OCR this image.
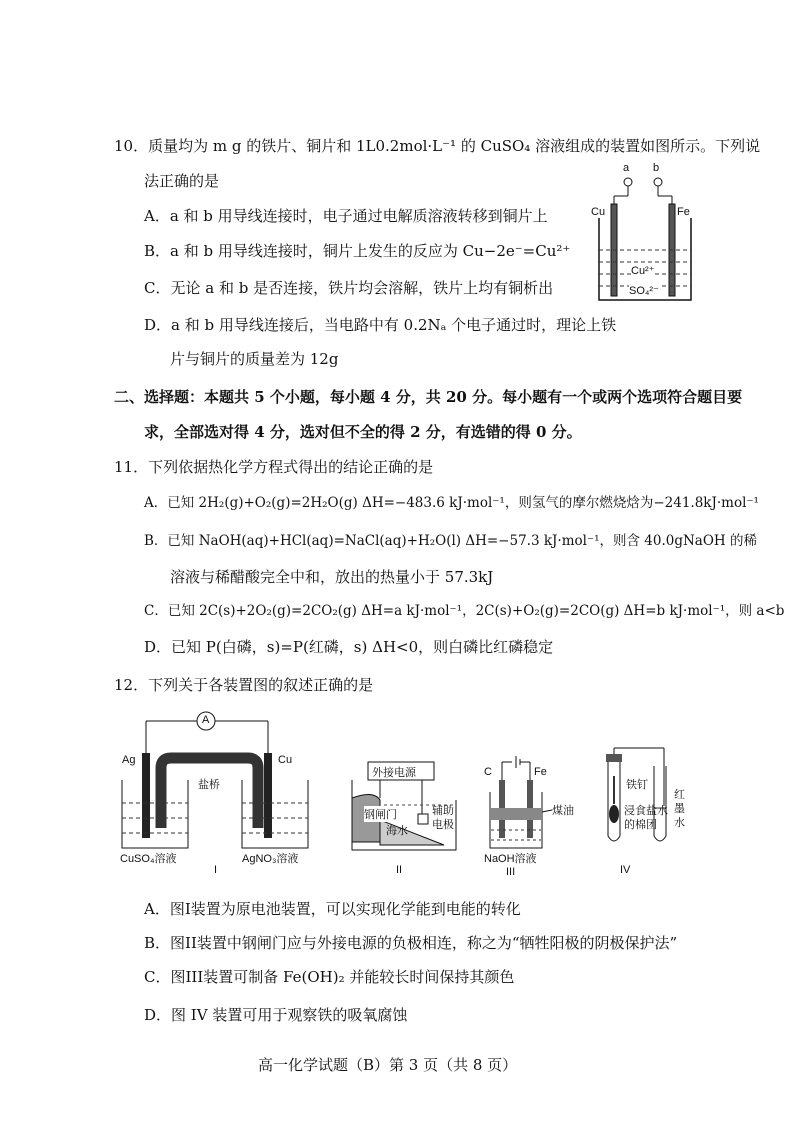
10．质量均为 m g 的铁片、铜片和 1L0.2mol·L⁻¹ 的 CuSO₄ 溶液组成的装置如图所示。下列说
法正确的是
A．a 和 b 用导线连接时，电子通过电解质溶液转移到铜片上
B．a 和 b 用导线连接时，铜片上发生的反应为 Cu−2e⁻=Cu²⁺
C．无论 a 和 b 是否连接，铁片均会溶解，铁片上均有铜析出
D．a 和 b 用导线连接后，当电路中有 0.2Nₐ 个电子通过时，理论上铁
片与铜片的质量差为 12g
a b
Cu	Fe
Cu²⁺
SO₄²⁻
二、选择题：本题共 5 个小题，每小题 4 分，共 20 分。每小题有一个或两个选项符合题目要
求，全部选对得 4 分，选对但不全的得 2 分，有选错的得 0 分。
11．下列依据热化学方程式得出的结论正确的是
A．已知 2H₂(g)+O₂(g)=2H₂O(g) ΔH=−483.6 kJ·mol⁻¹，则氢气的摩尔燃烧焓为−241.8kJ·mol⁻¹
B．已知 NaOH(aq)+HCl(aq)=NaCl(aq)+H₂O(l) ΔH=−57.3 kJ·mol⁻¹，则含 40.0gNaOH 的稀
溶液与稀醋酸完全中和，放出的热量小于 57.3kJ
C．已知 2C(s)+2O₂(g)=2CO₂(g) ΔH=a kJ·mol⁻¹，2C(s)+O₂(g)=2CO(g) ΔH=b kJ·mol⁻¹，则 a<b
D．已知 P(白磷，s)=P(红磷，s) ΔH<0，则白磷比红磷稳定
12．下列关于各装置图的叙述正确的是
A
Ag	Cu
盐桥
CuSO₄溶液	AgNO₃溶液
I
外接电源
钢闸门
海水
辅助
电极
II
C	Fe
煤油
NaOH溶液
III
铁钉
浸食盐水
的棉团
红
墨
水
IV
A．图I装置为原电池装置，可以实现化学能到电能的转化
B．图II装置中钢闸门应与外接电源的负极相连，称之为“牺牲阳极的阴极保护法”
C．图III装置可制备 Fe(OH)₂ 并能较长时间保持其颜色
D．图 IV 装置可用于观察铁的吸氧腐蚀
高一化学试题（B）第 3 页（共 8 页）
